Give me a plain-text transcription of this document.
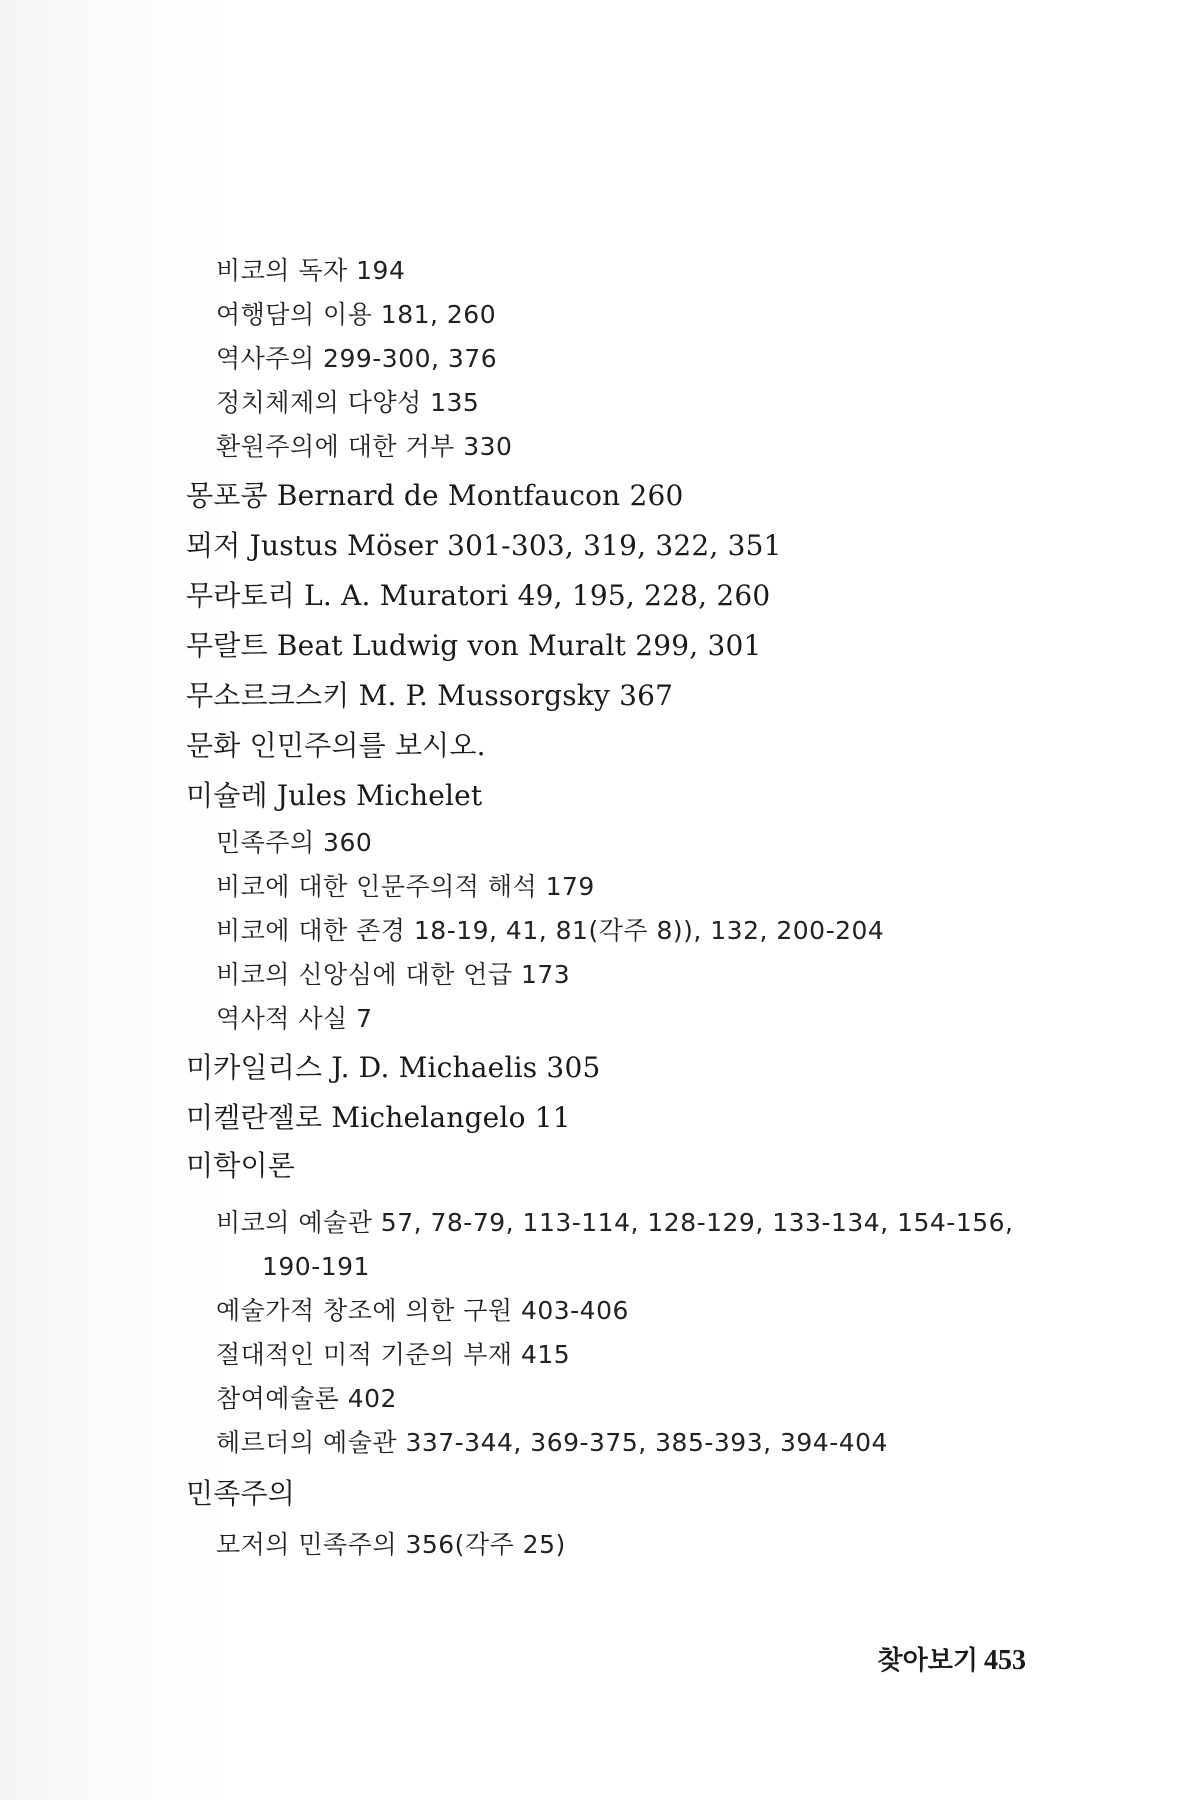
비코의 독자 194
여행담의 이용 181, 260
역사주의 299-300, 376
정치체제의 다양성 135
환원주의에 대한 거부 330
몽포콩 Bernard de Montfaucon 260
뫼저 Justus Möser 301-303, 319, 322, 351
무라토리 L. A. Muratori 49, 195, 228, 260
무랄트 Beat Ludwig von Muralt 299, 301
무소르크스키 M. P. Mussorgsky 367
문화 인민주의를 보시오.
미슐레 Jules Michelet
민족주의 360
비코에 대한 인문주의적 해석 179
비코에 대한 존경 18-19, 41, 81(각주 8)), 132, 200-204
비코의 신앙심에 대한 언급 173
역사적 사실 7
미카일리스 J. D. Michaelis 305
미켈란젤로 Michelangelo 11
미학이론
비코의 예술관 57, 78-79, 113-114, 128-129, 133-134, 154-156,
190-191
예술가적 창조에 의한 구원 403-406
절대적인 미적 기준의 부재 415
참여예술론 402
헤르더의 예술관 337-344, 369-375, 385-393, 394-404
민족주의
모저의 민족주의 356(각주 25)
찾아보기 453
